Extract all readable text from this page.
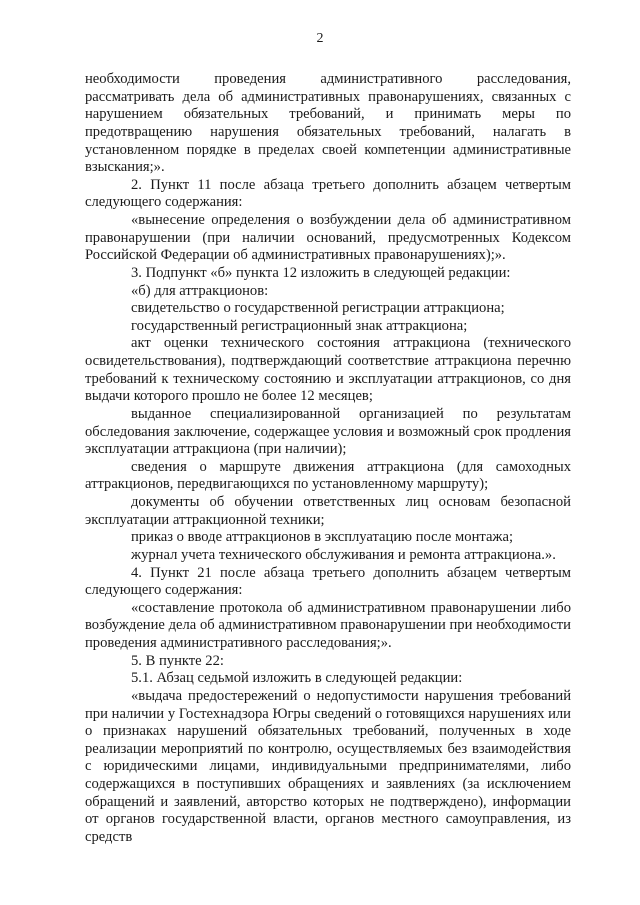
2

необходимости проведения административного расследования, рассматривать дела об административных правонарушениях, связанных с нарушением обязательных требований, и принимать меры по предотвращению нарушения обязательных требований, налагать в установленном порядке в пределах своей компетенции административные взыскания;».

2. Пункт 11 после абзаца третьего дополнить абзацем четвертым следующего содержания:

«вынесение определения о возбуждении дела об административном правонарушении (при наличии оснований, предусмотренных Кодексом Российской Федерации об административных правонарушениях);».

3. Подпункт «б» пункта 12 изложить в следующей редакции:

«б) для аттракционов:

свидетельство о государственной регистрации аттракциона;

государственный регистрационный знак аттракциона;

акт оценки технического состояния аттракциона (технического освидетельствования), подтверждающий соответствие аттракциона перечню требований к техническому состоянию и эксплуатации аттракционов, со дня выдачи которого прошло не более 12 месяцев;

выданное специализированной организацией по результатам обследования заключение, содержащее условия и возможный срок продления эксплуатации аттракциона (при наличии);

сведения о маршруте движения аттракциона (для самоходных аттракционов, передвигающихся по установленному маршруту);

документы об обучении ответственных лиц основам безопасной эксплуатации аттракционной техники;

приказ о вводе аттракционов в эксплуатацию после монтажа;

журнал учета технического обслуживания и ремонта аттракциона.».

4. Пункт 21 после абзаца третьего дополнить абзацем четвертым следующего содержания:

«составление протокола об административном правонарушении либо возбуждение дела об административном правонарушении при необходимости проведения административного расследования;».

5. В пункте 22:

5.1. Абзац седьмой изложить в следующей редакции:

«выдача предостережений о недопустимости нарушения требований при наличии у Гостехнадзора Югры сведений о готовящихся нарушениях или о признаках нарушений обязательных требований, полученных в ходе реализации мероприятий по контролю, осуществляемых без взаимодействия с юридическими лицами, индивидуальными предпринимателями, либо содержащихся в поступивших обращениях и заявлениях (за исключением обращений и заявлений, авторство которых не подтверждено), информации от органов государственной власти, органов местного самоуправления, из средств
